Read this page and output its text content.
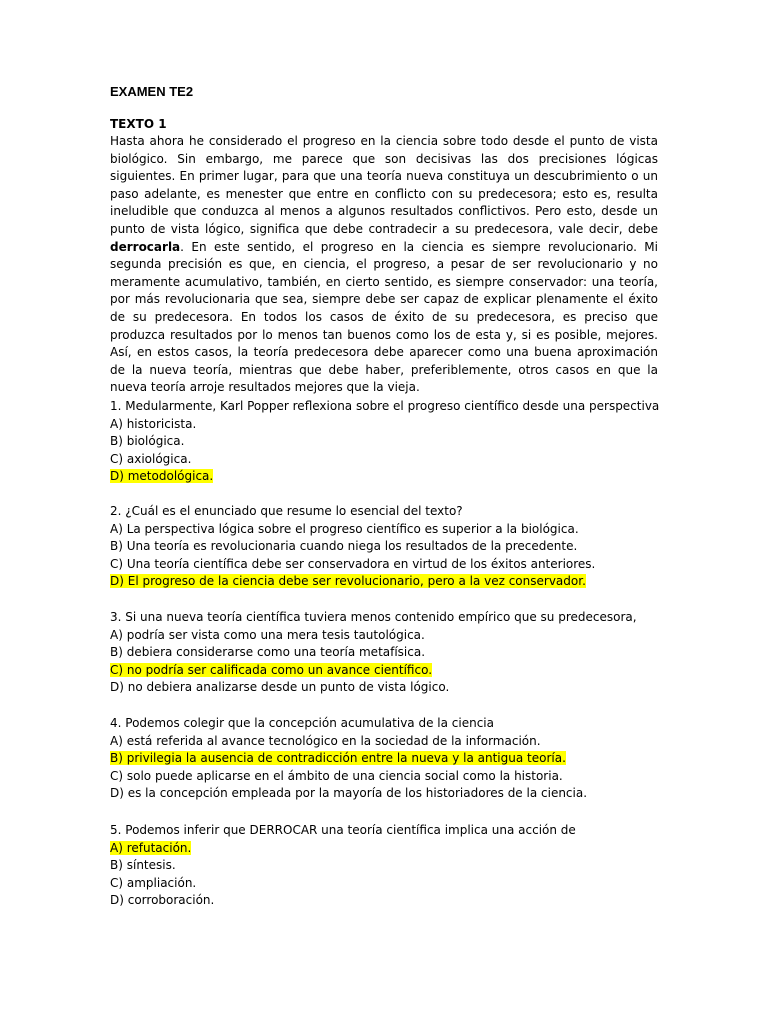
EXAMEN TE2
TEXTO 1

Hasta ahora he considerado el progreso en la ciencia sobre todo desde el punto de vista biológico. Sin embargo, me parece que son decisivas las dos precisiones lógicas siguientes. En primer lugar, para que una teoría nueva constituya un descubrimiento o un paso adelante, es menester que entre en conflicto con su predecesora; esto es, resulta ineludible que conduzca al menos a algunos resultados conflictivos. Pero esto, desde un punto de vista lógico, significa que debe contradecir a su predecesora, vale decir, debe derrocarla. En este sentido, el progreso en la ciencia es siempre revolucionario. Mi segunda precisión es que, en ciencia, el progreso, a pesar de ser revolucionario y no meramente acumulativo, también, en cierto sentido, es siempre conservador: una teoría, por más revolucionaria que sea, siempre debe ser capaz de explicar plenamente el éxito de su predecesora. En todos los casos de éxito de su predecesora, es preciso que produzca resultados por lo menos tan buenos como los de esta y, si es posible, mejores. Así, en estos casos, la teoría predecesora debe aparecer como una buena aproximación de la nueva teoría, mientras que debe haber, preferiblemente, otros casos en que la nueva teoría arroje resultados mejores que la vieja.

1. Medularmente, Karl Popper reflexiona sobre el progreso científico desde una perspectiva

A) historicista.

B) biológica.

C) axiológica.

D) metodológica.

2. ¿Cuál es el enunciado que resume lo esencial del texto?

A) La perspectiva lógica sobre el progreso científico es superior a la biológica.

B) Una teoría es revolucionaria cuando niega los resultados de la precedente.

C) Una teoría científica debe ser conservadora en virtud de los éxitos anteriores.

D) El progreso de la ciencia debe ser revolucionario, pero a la vez conservador.

3. Si una nueva teoría científica tuviera menos contenido empírico que su predecesora,

A) podría ser vista como una mera tesis tautológica.

B) debiera considerarse como una teoría metafísica.

C) no podría ser calificada como un avance científico.

D) no debiera analizarse desde un punto de vista lógico.

4. Podemos colegir que la concepción acumulativa de la ciencia

A) está referida al avance tecnológico en la sociedad de la información.

B) privilegia la ausencia de contradicción entre la nueva y la antigua teoría.

C) solo puede aplicarse en el ámbito de una ciencia social como la historia.

D) es la concepción empleada por la mayoría de los historiadores de la ciencia.

5. Podemos inferir que DERROCAR una teoría científica implica una acción de

A) refutación.

B) síntesis.

C) ampliación.

D) corroboración.
